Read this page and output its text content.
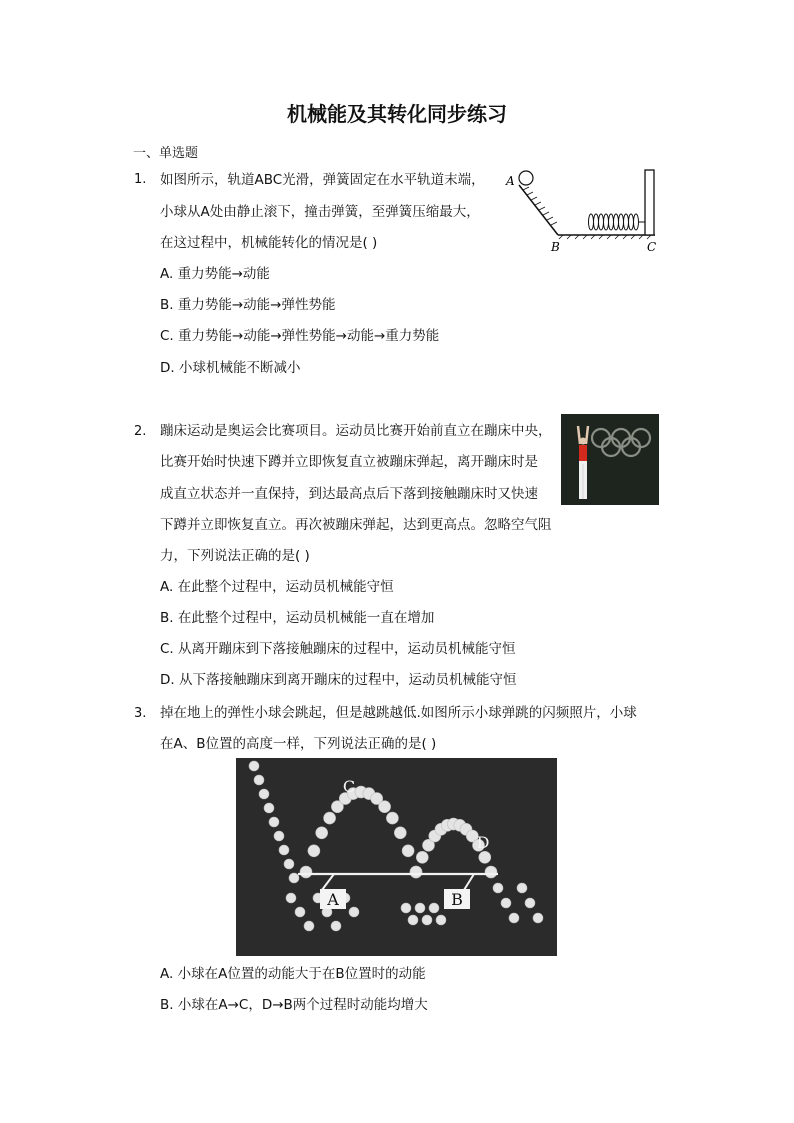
机械能及其转化同步练习
一、单选题
1. 如图所示，轨道ABC光滑，弹簧固定在水平轨道末端，
小球从A处由静止滚下，撞击弹簧，至弹簧压缩最大，
在这过程中，机械能转化的情况是( )
A. 重力势能→动能
B. 重力势能→动能→弹性势能
C. 重力势能→动能→弹性势能→动能→重力势能
D. 小球机械能不断减小
A
B	C
2. 蹦床运动是奥运会比赛项目。运动员比赛开始前直立在蹦床中央，
比赛开始时快速下蹲并立即恢复直立被蹦床弹起，离开蹦床时是
成直立状态并一直保持，到达最高点后下落到接触蹦床时又快速
下蹲并立即恢复直立。再次被蹦床弹起，达到更高点。忽略空气阻
力，下列说法正确的是( )
A. 在此整个过程中，运动员机械能守恒
B. 在此整个过程中，运动员机械能一直在增加
C. 从离开蹦床到下落接触蹦床的过程中，运动员机械能守恒
D. 从下落接触蹦床到离开蹦床的过程中，运动员机械能守恒
3. 掉在地上的弹性小球会跳起，但是越跳越低.如图所示小球弹跳的闪频照片，小球
在A、B位置的高度一样，下列说法正确的是( )
A	B
C
D
A. 小球在A位置的动能大于在B位置时的动能
B. 小球在A→C，D→B两个过程时动能均增大
